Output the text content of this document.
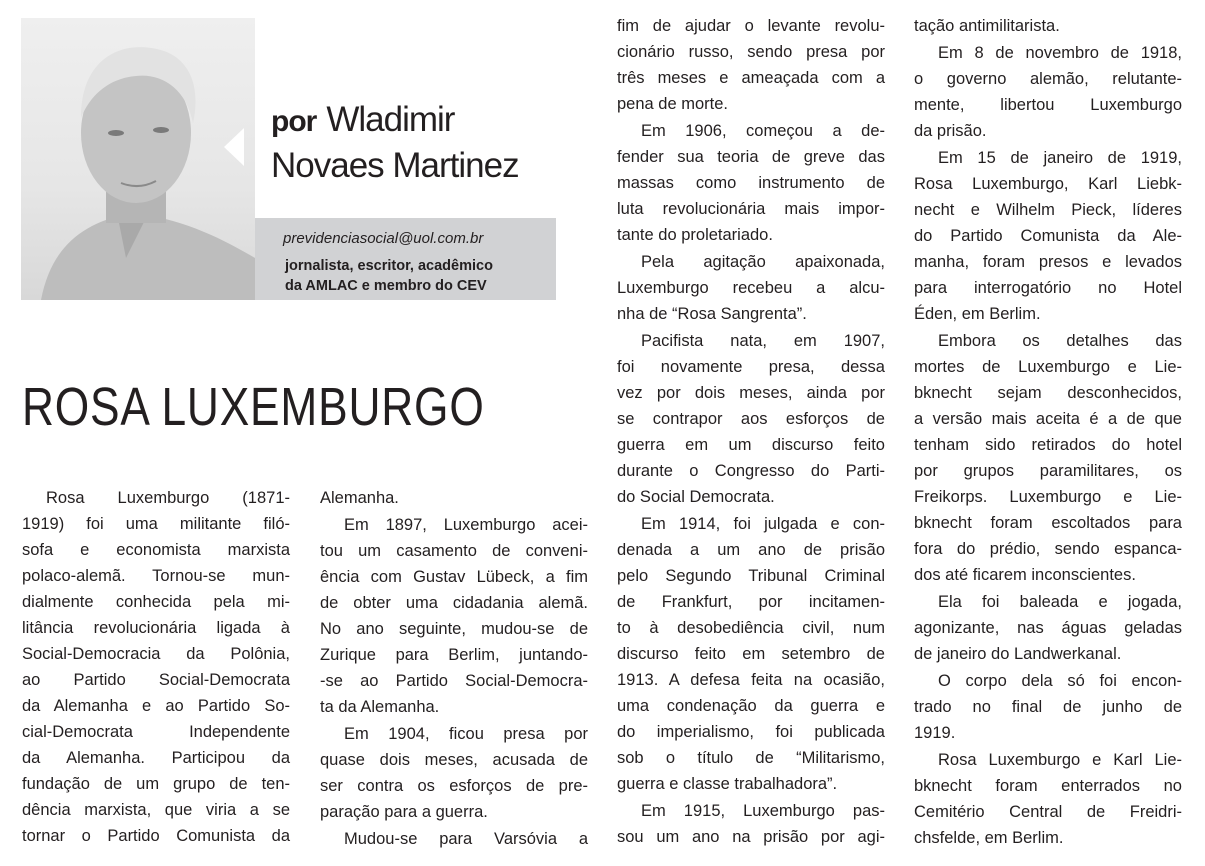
por Wladimir
Novaes Martinez
previdenciasocial@uol.com.br
jornalista, escritor, acadêmico
da AMLAC e membro do CEV
ROSA LUXEMBURGO
Rosa Luxemburgo (1871-
1919) foi uma militante filó-
sofa e economista marxista
polaco-alemã. Tornou-se mun-
dialmente conhecida pela mi-
litância revolucionária ligada à
Social-Democracia da Polônia,
ao Partido Social-Democrata
da Alemanha e ao Partido So-
cial-Democrata Independente
da Alemanha. Participou da
fundação de um grupo de ten-
dência marxista, que viria a se
tornar o Partido Comunista da
Alemanha.
Em 1897, Luxemburgo acei-
tou um casamento de conveni-
ência com Gustav Lübeck, a fim
de obter uma cidadania alemã.
No ano seguinte, mudou-se de
Zurique para Berlim, juntando-
-se ao Partido Social-Democra-
ta da Alemanha.
Em 1904, ficou presa por
quase dois meses, acusada de
ser contra os esforços de pre-
paração para a guerra.
Mudou-se para Varsóvia a
fim de ajudar o levante revolu-
cionário russo, sendo presa por
três meses e ameaçada com a
pena de morte.
Em 1906, começou a de-
fender sua teoria de greve das
massas como instrumento de
luta revolucionária mais impor-
tante do proletariado.
Pela agitação apaixonada,
Luxemburgo recebeu a alcu-
nha de “Rosa Sangrenta”.
Pacifista nata, em 1907,
foi novamente presa, dessa
vez por dois meses, ainda por
se contrapor aos esforços de
guerra em um discurso feito
durante o Congresso do Parti-
do Social Democrata.
Em 1914, foi julgada e con-
denada a um ano de prisão
pelo Segundo Tribunal Criminal
de Frankfurt, por incitamen-
to à desobediência civil, num
discurso feito em setembro de
1913. A defesa feita na ocasião,
uma condenação da guerra e
do imperialismo, foi publicada
sob o título de “Militarismo,
guerra e classe trabalhadora”.
Em 1915, Luxemburgo pas-
sou um ano na prisão por agi-
tação antimilitarista.
Em 8 de novembro de 1918,
o governo alemão, relutante-
mente, libertou Luxemburgo
da prisão.
Em 15 de janeiro de 1919,
Rosa Luxemburgo, Karl Liebk-
necht e Wilhelm Pieck, líderes
do Partido Comunista da Ale-
manha, foram presos e levados
para interrogatório no Hotel
Éden, em Berlim.
Embora os detalhes das
mortes de Luxemburgo e Lie-
bknecht sejam desconhecidos,
a versão mais aceita é a de que
tenham sido retirados do hotel
por grupos paramilitares, os
Freikorps. Luxemburgo e Lie-
bknecht foram escoltados para
fora do prédio, sendo espanca-
dos até ficarem inconscientes.
Ela foi baleada e jogada,
agonizante, nas águas geladas
de janeiro do Landwerkanal.
O corpo dela só foi encon-
trado no final de junho de
1919.
Rosa Luxemburgo e Karl Lie-
bknecht foram enterrados no
Cemitério Central de Freidri-
chsfelde, em Berlim.
